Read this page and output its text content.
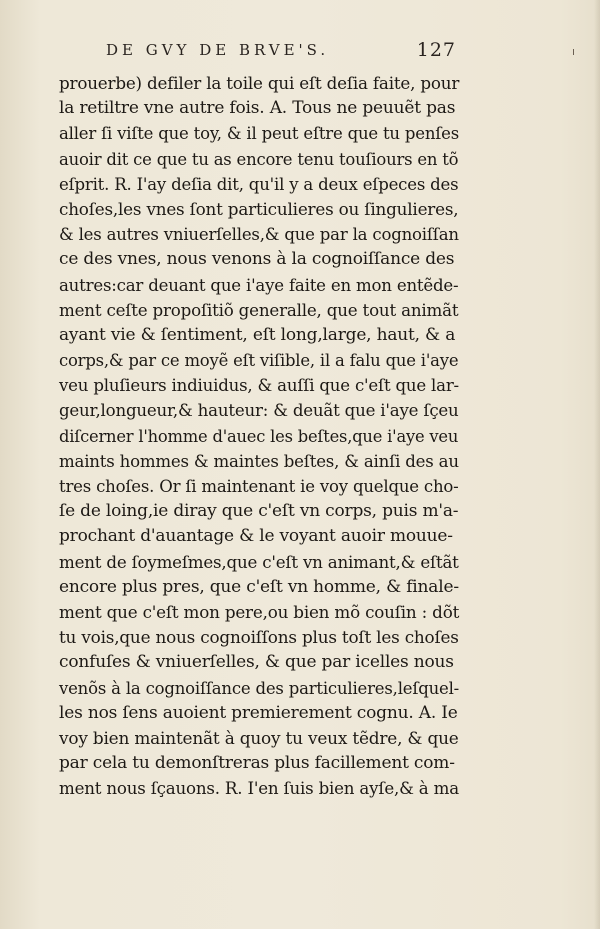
DE GVY DE BRVE'S.	127
prouerbe) defiler la toile qui eſt deſia faite, pour
la retiltre vne autre fois. A. Tous ne peuuẽt pas
aller ſi viſte que toy, & il peut eſtre que tu penſes
auoir dit ce que tu as encore tenu touſiours en tõ
eſprit. R. I'ay deſia dit, qu'il y a deux eſpeces des
choſes,les vnes ſont particulieres ou ſingulieres,
& les autres vniuerſelles,& que par la cognoiſſan
ce des vnes, nous venons à la cognoiſſance des
autres:car deuant que i'aye faite en mon entẽde-
ment ceſte propoſitiõ generalle, que tout animãt
ayant vie & ſentiment, eſt long,large, haut, & a
corps,& par ce moyẽ eſt viſible, il a falu que i'aye
veu pluſieurs indiuidus, & auſſi que c'eſt que lar-
geur,longueur,& hauteur: & deuãt que i'aye ſçeu
diſcerner l'homme d'auec les beſtes,que i'aye veu
maints hommes & maintes beſtes, & ainſi des au
tres choſes. Or ſi maintenant ie voy quelque cho-
ſe de loing,ie diray que c'eſt vn corps, puis m'a-
prochant d'auantage & le voyant auoir mouue-
ment de ſoymeſmes,que c'eſt vn animant,& eſtãt
encore plus pres, que c'eſt vn homme, & finale-
ment que c'eſt mon pere,ou bien mõ couſin : dõt
tu vois,que nous cognoiſſons plus toſt les choſes
confuſes & vniuerſelles, & que par icelles nous
venõs à la cognoiſſance des particulieres,leſquel-
les nos ſens auoient premierement cognu. A. Ie
voy bien maintenãt à quoy tu veux tẽdre, & que
par cela tu demonſtreras plus facillement com-
ment nous ſçauons. R. I'en ſuis bien ayſe,& à ma
